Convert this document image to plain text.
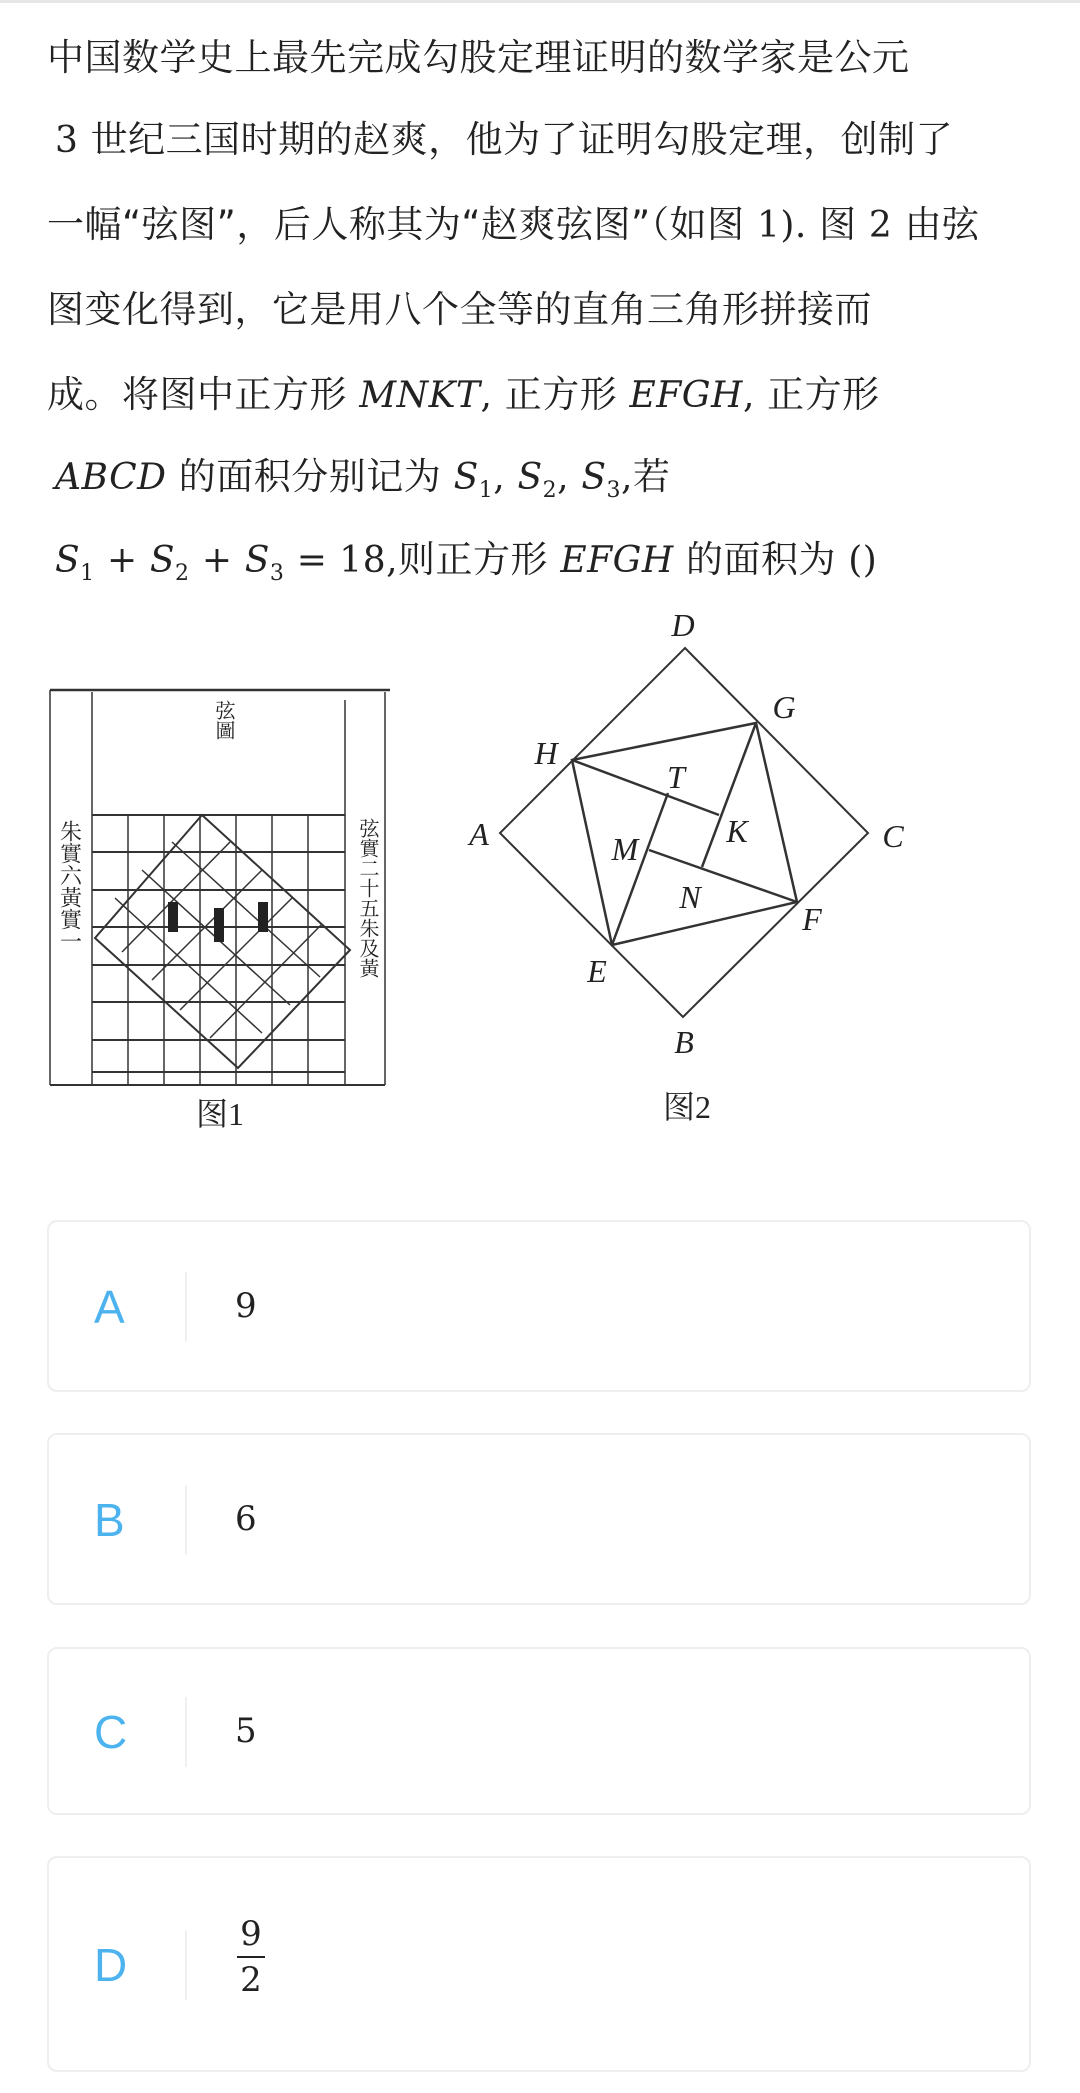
中国数学史上最先完成勾股定理证明的数学家是公元
3 世纪三国时期的赵爽，他为了证明勾股定理，创制了
一幅“弦图”，后人称其为“赵爽弦图”（如图 1). 图 2 由弦
图变化得到，它是用八个全等的直角三角形拼接而
成。将图中正方形 MNKT, 正方形 EFGH, 正方形
ABCD 的面积分别记为 $S_1$, $S_2$, $S_3$,若
$S_1 + S_2 + S_3 = 18$,则正方形 EFGH 的面积为 ()
弦圖
朱實六黃實一	弦實二十五朱及黃
图1
D
G
H
T
K
A	M	C
N
F
E
B
图2
A	9
B	6
C	5
D
9
2
